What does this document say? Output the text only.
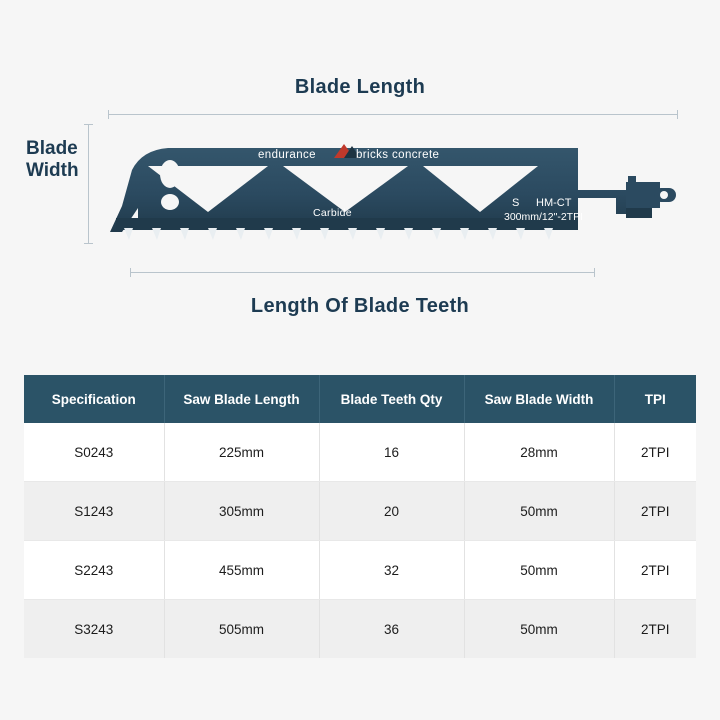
Blade Length
Blade Width
endurance	bricks concrete
Carbide
S HM-CT
300mm/12"-2TPI
Length Of Blade Teeth
Specification	Saw Blade Length	Blade Teeth Qty	Saw Blade Width	TPI
S0243	225mm	16	28mm	2TPI
S1243	305mm	20	50mm	2TPI
S2243	455mm	32	50mm	2TPI
S3243	505mm	36	50mm	2TPI
